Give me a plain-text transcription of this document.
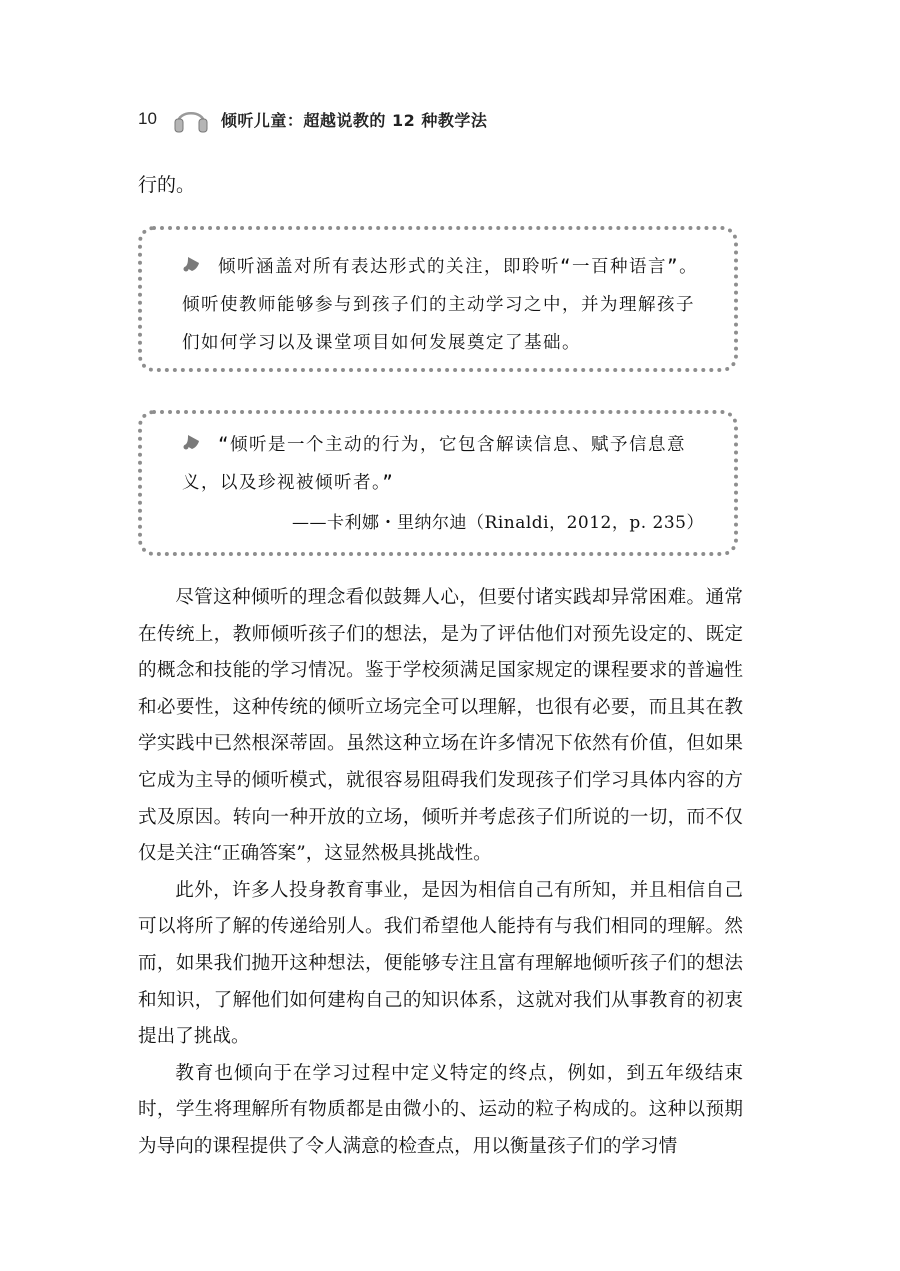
10	倾听儿童：超越说教的 12 种教学法
行的。
倾听涵盖对所有表达形式的关注，即聆听“一百种语言”。倾听使教师能够参与到孩子们的主动学习之中，并为理解孩子们如何学习以及课堂项目如何发展奠定了基础。
“倾听是一个主动的行为，它包含解读信息、赋予信息意义，以及珍视被倾听者。”
——卡利娜・里纳尔迪（Rinaldi，2012，p. 235）

尽管这种倾听的理念看似鼓舞人心，但要付诸实践却异常困难。通常在传统上，教师倾听孩子们的想法，是为了评估他们对预先设定的、既定的概念和技能的学习情况。鉴于学校须满足国家规定的课程要求的普遍性和必要性，这种传统的倾听立场完全可以理解，也很有必要，而且其在教学实践中已然根深蒂固。虽然这种立场在许多情况下依然有价值，但如果它成为主导的倾听模式，就很容易阻碍我们发现孩子们学习具体内容的方式及原因。转向一种开放的立场，倾听并考虑孩子们所说的一切，而不仅仅是关注“正确答案”，这显然极具挑战性。

此外，许多人投身教育事业，是因为相信自己有所知，并且相信自己可以将所了解的传递给别人。我们希望他人能持有与我们相同的理解。然而，如果我们抛开这种想法，便能够专注且富有理解地倾听孩子们的想法和知识，了解他们如何建构自己的知识体系，这就对我们从事教育的初衷提出了挑战。

教育也倾向于在学习过程中定义特定的终点，例如，到五年级结束时，学生将理解所有物质都是由微小的、运动的粒子构成的。这种以预期为导向的课程提供了令人满意的检查点，用以衡量孩子们的学习情
